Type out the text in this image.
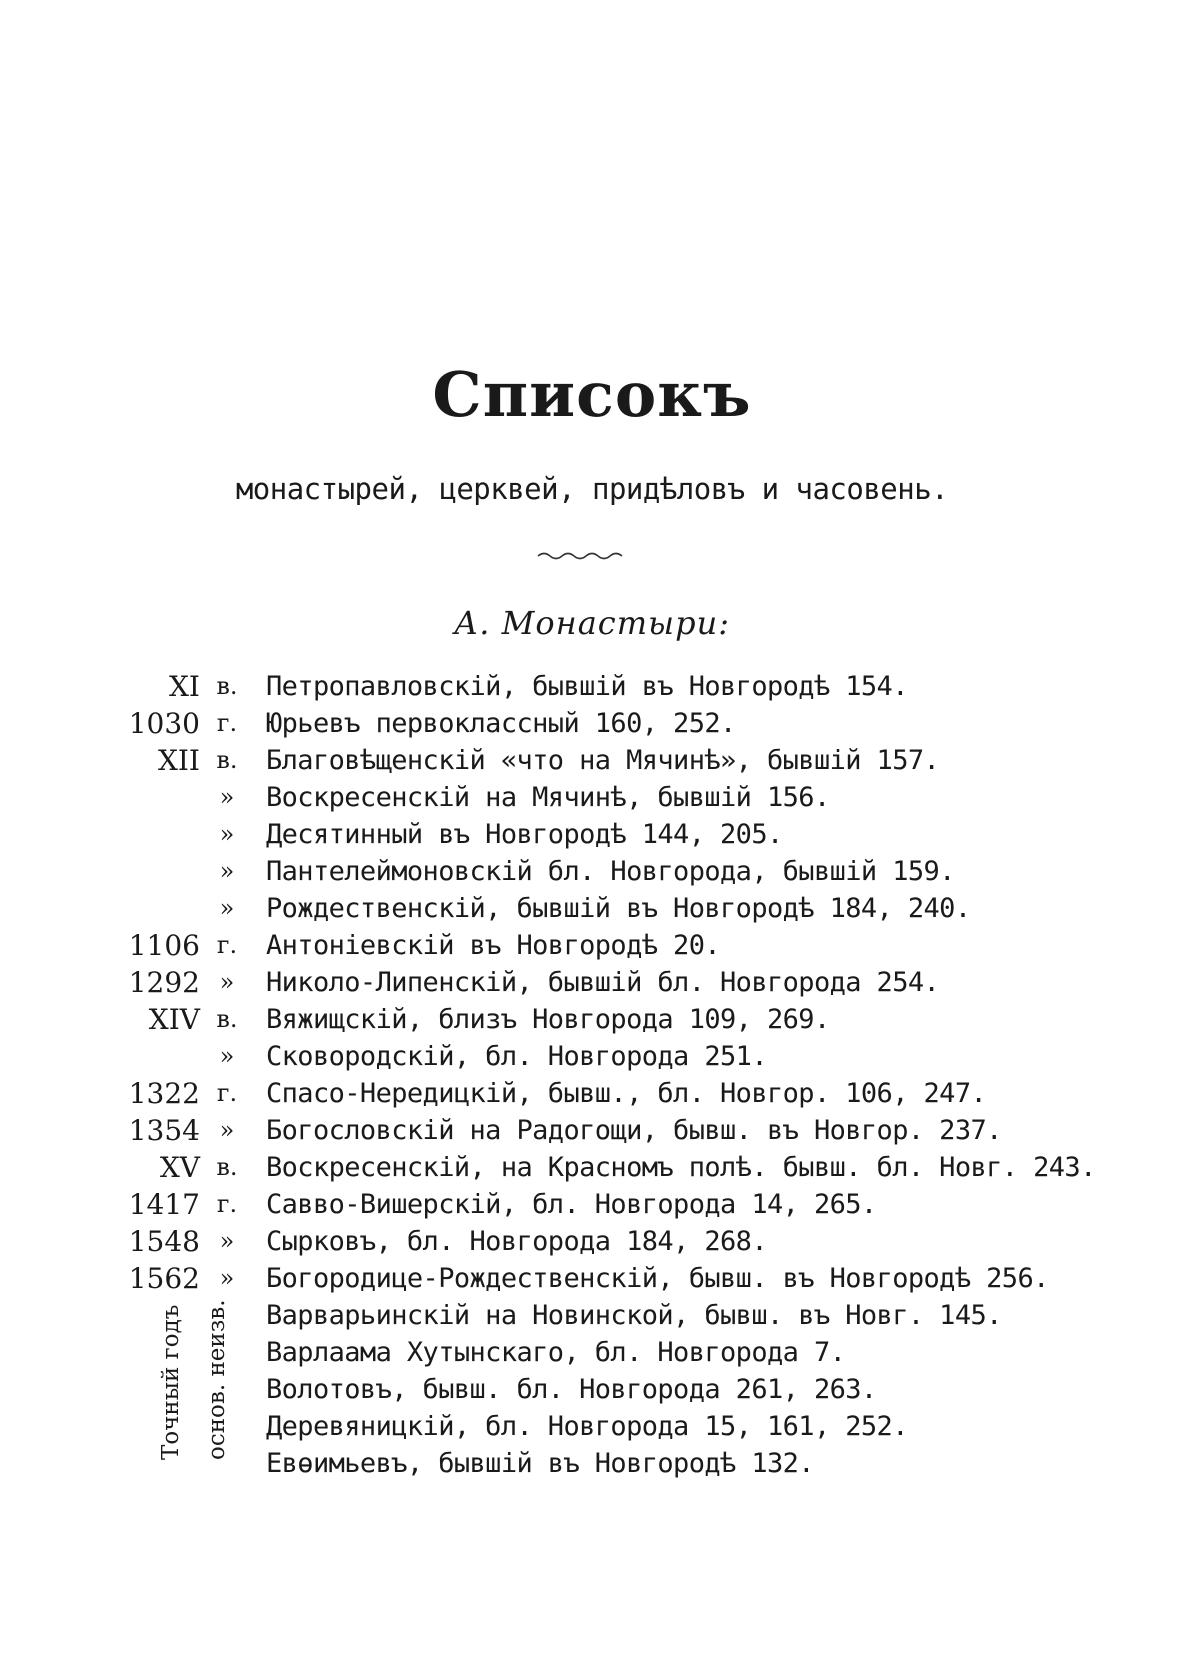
Списокъ
монастырей, церквей, придѣловъ и часовень.
А. Монастыри:
XI в. Петропавловскій, бывшій въ Новгородѣ 154.
1030 г. Юрьевъ первоклассный 160, 252.
XII в. Благовѣщенскій «что на Мячинѣ», бывшій 157.
» Воскресенскій на Мячинѣ, бывшій 156.
» Десятинный въ Новгородѣ 144, 205.
» Пантелеймоновскій бл. Новгорода, бывшій 159.
» Рождественскій, бывшій въ Новгородѣ 184, 240.
1106 г. Антоніевскій въ Новгородѣ 20.
1292 » Николо-Липенскій, бывшій бл. Новгорода 254.
XIV в. Вяжищскій, близъ Новгорода 109, 269.
» Сковородскій, бл. Новгорода 251.
1322 г. Спасо-Нередицкій, бывш., бл. Новгор. 106, 247.
1354 » Богословскій на Радогощи, бывш. въ Новгор. 237.
XV в. Воскресенскій, на Красномъ полѣ. бывш. бл. Новг. 243.
1417 г. Савво-Вишерскій, бл. Новгорода 14, 265.
1548 » Сырковъ, бл. Новгорода 184, 268.
1562 » Богородице-Рождественскій, бывш. въ Новгородѣ 256.
Варварьинскій на Новинской, бывш. въ Новг. 145.
Варлаама Хутынскаго, бл. Новгорода 7.
Волотовъ, бывш. бл. Новгорода 261, 263.
Деревяницкій, бл. Новгорода 15, 161, 252.
Евѳимьевъ, бывшій въ Новгородѣ 132.
Точный годъ основ. неизв.
